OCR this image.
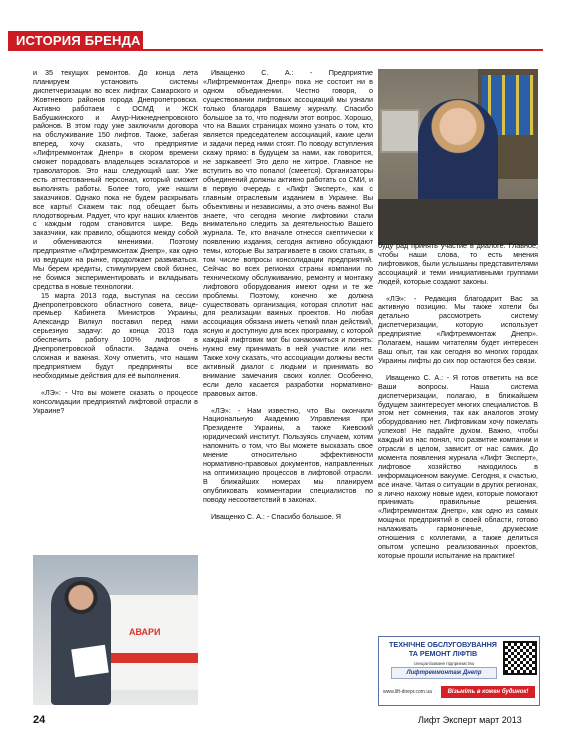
ИСТОРИЯ БРЕНДА

и 35 текущих ремонтов. До конца лета планируем установить системы диспетчеризации во всех лифтах Самарского и Жовтневого районов города Днепропетровска. Активно работаем с ОСМД и ЖСК Бабушкинского и Амур-Нижнеднепровского районов. В этом году уже заключили договора на обслуживание 150 лифтов. Также, забегая вперед, хочу сказать, что предприятие «Лифтреммонтаж Днепр» в скором времени сможет порадовать владельцев эскалаторов и траволаторов. Это наш следующий шаг. Уже есть аттестованный персонал, который сможет выполнять работы. Более того, уже нашли заказчиков. Однако пока не будем раскрывать все карты! Скажем так: под обещает быть плодотворным. Радует, что круг наших клиентов с каждым годом становится шире. Ведь заказчики, как правило, общаются между собой и обмениваются мнениями. Поэтому предприятие «Лифтреммонтаж Днепр», как одно из ведущих на рынке, продолжает развиваться. Мы берем кредиты, стимулируем свой бизнес, не боимся экспериментировать и вкладывать средства в новые технологии.

15 марта 2013 года, выступая на сессии Днепропетровского областного совета, вице-премьер Кабинета Министров Украины, Александр Вилкул поставил перед нами серьезную задачу: до конца 2013 года обеспечить работу 100% лифтов в Днепропетровской области. Задача очень сложная и важная. Хочу отметить, что нашим предприятием будут предприняты все необходимые действия для её выполнения.

«ЛЭ»: - Что вы можете сказать о процессе консолидации предприятий лифтовой отрасли в Украине?

АВАРИ

Иващенко С. А.: - Предприятие «Лифтреммонтаж Днепр» пока не состоит ни в одном объединении. Честно говоря, о существовании лифтовых ассоциаций мы узнали только благодаря Вашему журналу. Спасибо большое за то, что подняли этот вопрос. Хорошо, что на Ваших страницах можно узнать о том, кто является председателем ассоциаций, какие цели и задачи перед ними стоят. По поводу вступления скажу прямо: в будущем за нами, как говорится, не заржавеет! Это дело не хитрое. Главное не вступить во что попало! (смеется). Организаторы объединений должны активно работать со СМИ, и в первую очередь с «Лифт Эксперт», как с главным отраслевым изданием в Украине. Вы объективны и независимы, а это очень важно! Вы знаете, что сегодня многие лифтовики стали внимательно следить за деятельностью Вашего журнала. Те, кто вначале отнесся скептически к появлению издания, сегодня активно обсуждают темы, которые Вы затрагиваете в своих статьях, в том числе вопросы консолидации предприятий. Сейчас во всех регионах страны компании по техническому обслуживанию, ремонту и монтажу лифтового оборудования имеют одни и те же проблемы. Поэтому, конечно же должна существовать организация, которая сплотит нас для реализации важных проектов. Но любая ассоциация обязана иметь четкий план действий, ясную и доступную для всех программу, с которой каждый лифтовик мог бы ознакомиться и понять: нужно ему принимать в ней участие или нет. Также хочу сказать, что ассоциации должны вести активный диалог с людьми и принимать во внимание замечания своих коллег. Особенно, если дело касается разработки нормативно-правовых актов.

«ЛЭ»: - Нам известно, что Вы окончили Национальную Академию Управления при Президенте Украины, а также Киевский юридический институт. Пользуясь случаем, хотим напомнить о том, что Вы можете высказать свое мнение относительно эффективности нормативно-правовых документов, направленных на оптимизацию процессов в лифтовой отрасли. В ближайших номерах мы планируем опубликовать комментарии специалистов по поводу несоответствий в законах.

Иващенко С. А.: - Спасибо большое. Я

буду рад принять участие в диалоге. Главное, чтобы наши слова, то есть мнения лифтовиков, были услышаны представителями ассоциаций и теми инициативными группами людей, которые создают законы.

«ЛЭ»: - Редакция благодарит Вас за активную позицию. Мы также хотели бы детально рассмотреть систему диспетчеризации, которую использует предприятие «Лифтреммонтаж Днепр». Полагаем, нашим читателям будет интересен Ваш опыт, так как сегодня во многих городах Украины лифты до сих пор остаются без связи.

Иващенко С. А.: - Я готов ответить на все Ваши вопросы. Наша система диспетчеризации, полагаю, в ближайшем будущем заинтересует многих специалистов. В этом нет сомнения, так как аналогов этому оборудованию нет. Лифтовикам хочу пожелать успехов! Не падайте духом. Важно, чтобы каждый из нас понял, что развитие компании и отрасли в целом, зависит от нас самих. До момента появления журнала «Лифт Эксперт», лифтовое хозяйство находилось в информационном вакууме. Сегодня, к счастью, все иначе. Читая о ситуации в других регионах, я лично нахожу новые идеи, которые помогают принимать правильные решения. «Лифтреммонтаж Днепр», как одно из самых мощных предприятий в своей области, готово налаживать гармоничные, дружеские отношения с коллегами, а также делиться опытом успешно реализованных проектов, которые прошли испытание на практике!

ТЕХНІЧНЕ ОБСЛУГОВУВАННЯ
ТА РЕМОНТ ЛІФТІВ
спеціалізоване підприємство
Лифтреммонтаж Днепр
www.lift-dnepr.com.ua	Візьміть в кожен будинок!
24	Лифт Эксперт март 2013
